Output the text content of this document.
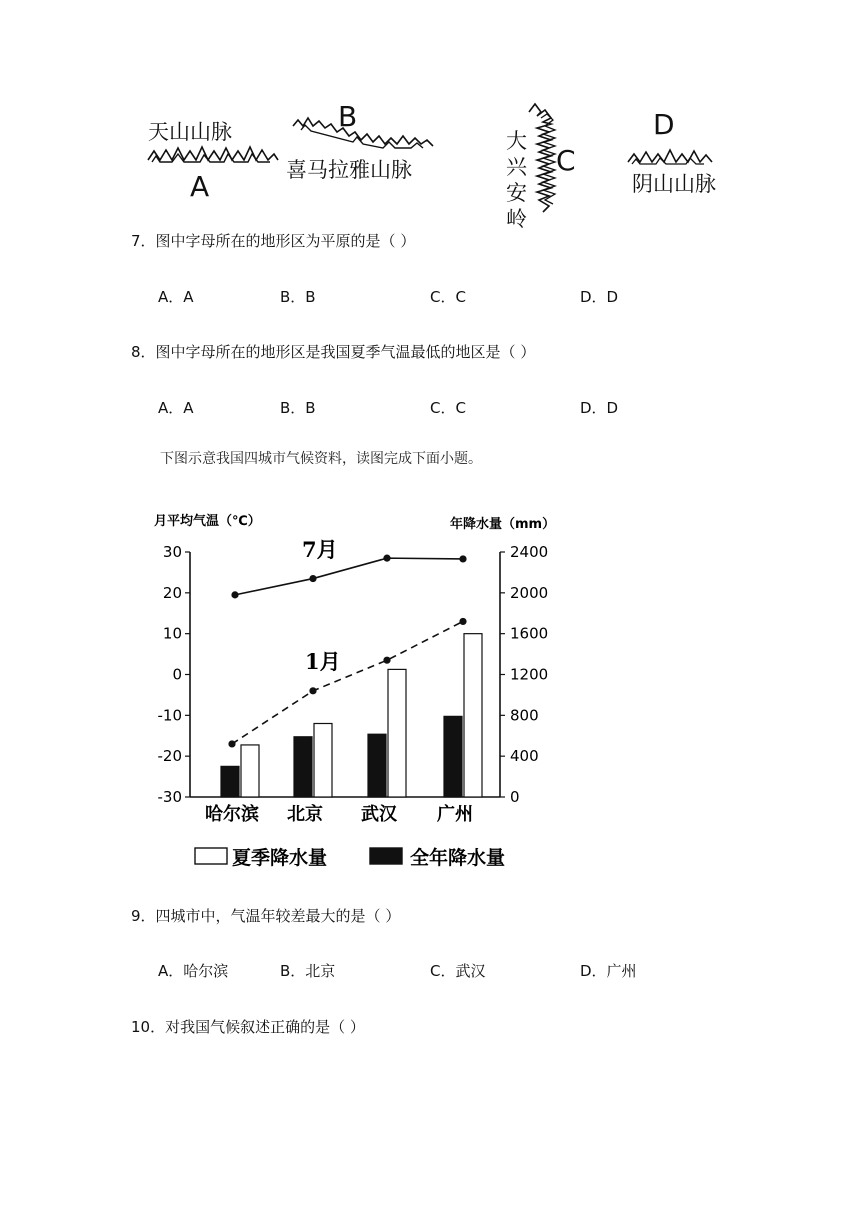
天山山脉
A
B
喜马拉雅山脉
大
兴
安
岭
C
D
阴山山脉
7．图中字母所在的地形区为平原的是（ ）
A．A	B．B	C．C	D．D
8．图中字母所在的地形区是我国夏季气温最低的地区是（ ）
A．A	B．B	C．C	D．D
下图示意我国四城市气候资料，读图完成下面小题。
月平均气温（℃）	年降水量（mm）
30
20
10
0
-10
-20
-30
2400
2000
1600
1200
800
400
0
7月
1月
哈尔滨 北京 武汉 广州
夏季降水量	全年降水量
9．四城市中，气温年较差最大的是（ ）
A．哈尔滨	B．北京	C．武汉	D．广州
10．对我国气候叙述正确的是（ ）
